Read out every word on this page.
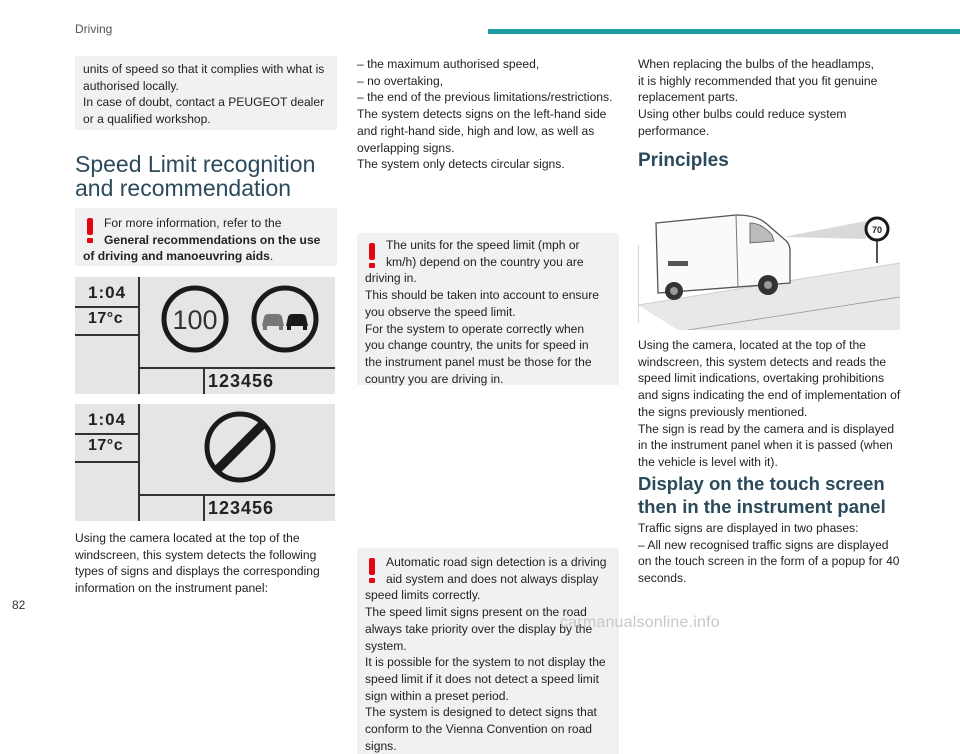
Driving

units of speed so that it complies with what is

authorised locally.

In case of doubt, contact a PEUGEOT dealer

or a qualified workshop.

Speed Limit recognition
and recommendation

For more information, refer to the

General recommendations on the use

of driving and manoeuvring aids.

1:04
17°c 100
123456
1:04
17°c
123456

Using the camera located at the top of the

windscreen, this system detects the following

types of signs and displays the corresponding

information on the instrument panel:

– the maximum authorised speed,

– no overtaking,

– the end of the previous limitations/restrictions.

The system detects signs on the left-hand side

and right-hand side, high and low, as well as

overlapping signs.

The system only detects circular signs.

The units for the speed limit (mph or

km/h) depend on the country you are

driving in.

This should be taken into account to ensure

you observe the speed limit.

For the system to operate correctly when

you change country, the units for speed in

the instrument panel must be those for the

country you are driving in.

Automatic road sign detection is a driving

aid system and does not always display

speed limits correctly.

The speed limit signs present on the road

always take priority over the display by the

system.

It is possible for the system to not display the

speed limit if it does not detect a speed limit

sign within a preset period.

The system is designed to detect signs that

conform to the Vienna Convention on road

signs.

When replacing the bulbs of the headlamps,

it is highly recommended that you fit genuine

replacement parts.

Using other bulbs could reduce system

performance.

Principles
70

Using the camera, located at the top of the

windscreen, this system detects and reads the

speed limit indications, overtaking prohibitions

and signs indicating the end of implementation of

the signs previously mentioned.

The sign is read by the camera and is displayed

in the instrument panel when it is passed (when

the vehicle is level with it).

Display on the touch screen
then in the instrument panel

Traffic signs are displayed in two phases:

– All new recognised traffic signs are displayed

on the touch screen in the form of a popup for 40

seconds.

82
carmanualsonline.info
